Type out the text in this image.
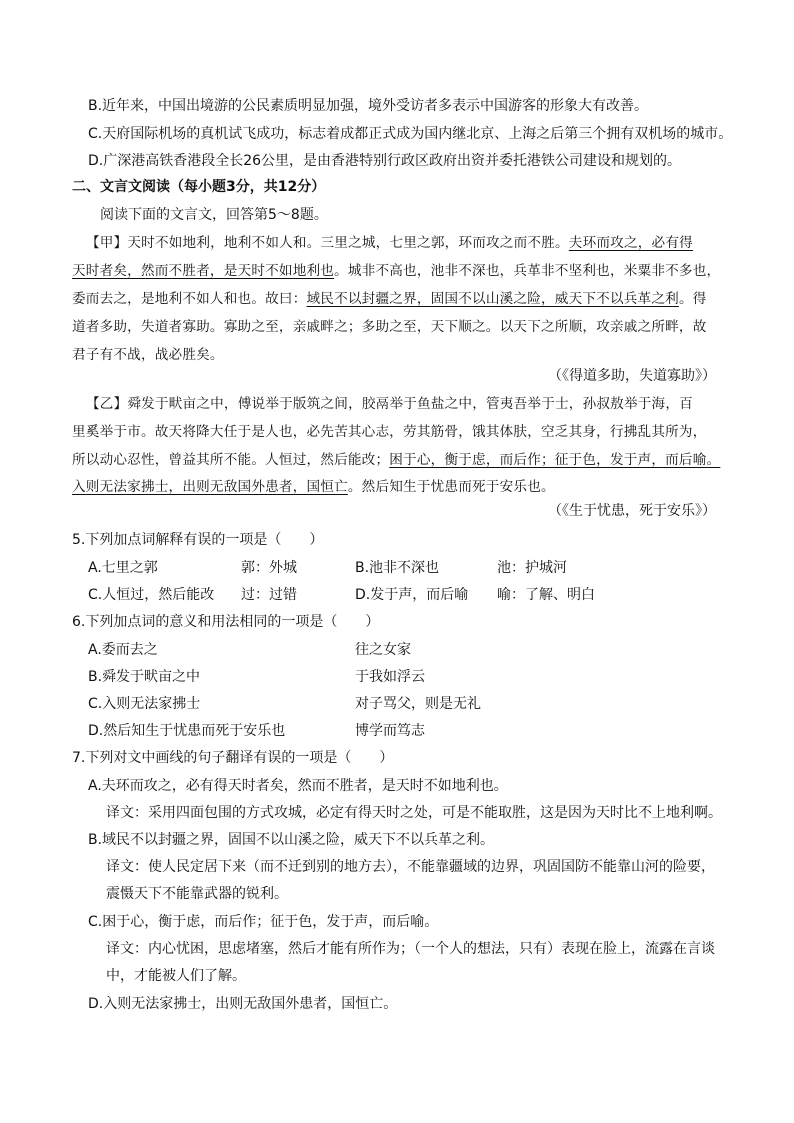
B.近年来，中国出境游的公民素质明显加强，境外受访者多表示中国游客的形象大有改善。
C.天府国际机场的真机试飞成功，标志着成都正式成为国内继北京、上海之后第三个拥有双机场的城市。
D.广深港高铁香港段全长26公里，是由香港特别行政区政府出资并委托港铁公司建设和规划的。
二、文言文阅读（每小题3分，共12分）
阅读下面的文言文，回答第5～8题。
【甲】天时不如地利，地利不如人和。三里之城，七里之郭，环而攻之而不胜。夫环而攻之，必有得
天时者矣，然而不胜者，是天时不如地利也。城非不高也，池非不深也，兵革非不坚利也，米粟非不多也，
委而去之，是地利不如人和也。故曰：域民不以封疆之界，固国不以山溪之险，威天下不以兵革之利。得
道者多助，失道者寡助。寡助之至，亲戚畔之；多助之至，天下顺之。以天下之所顺，攻亲戚之所畔，故
君子有不战，战必胜矣。
（《得道多助，失道寡助》）
【乙】舜发于畎亩之中，傅说举于版筑之间，胶鬲举于鱼盐之中，管夷吾举于士，孙叔敖举于海，百
里奚举于市。故天将降大任于是人也，必先苦其心志，劳其筋骨，饿其体肤，空乏其身，行拂乱其所为，
所以动心忍性，曾益其所不能。人恒过，然后能改；困于心，衡于虑，而后作；征于色，发于声，而后喻。
入则无法家拂士，出则无敌国外患者，国恒亡。然后知生于忧患而死于安乐也。
（《生于忧患，死于安乐》）
5.下列加点词解释有误的一项是（　　）
A.七里之郭	郭：外城	B.池非不深也	池：护城河
C.人恒过，然后能改 过：过错	D.发于声，而后喻 喻：了解、明白
6.下列加点词的意义和用法相同的一项是（　　）
A.委而去之	往之女家
B.舜发于畎亩之中	于我如浮云
C.入则无法家拂士	对子骂父，则是无礼
D.然后知生于忧患而死于安乐也	博学而笃志
7.下列对文中画线的句子翻译有误的一项是（　　）
A.夫环而攻之，必有得天时者矣，然而不胜者，是天时不如地利也。
译文：采用四面包围的方式攻城，必定有得天时之处，可是不能取胜，这是因为天时比不上地利啊。
B.域民不以封疆之界，固国不以山溪之险，威天下不以兵革之利。
译文：使人民定居下来（而不迁到别的地方去），不能靠疆域的边界，巩固国防不能靠山河的险要，
震慑天下不能靠武器的锐利。
C.困于心，衡于虑，而后作；征于色，发于声，而后喻。
译文：内心忧困，思虑堵塞，然后才能有所作为；（一个人的想法，只有）表现在脸上，流露在言谈
中，才能被人们了解。
D.入则无法家拂士，出则无敌国外患者，国恒亡。
